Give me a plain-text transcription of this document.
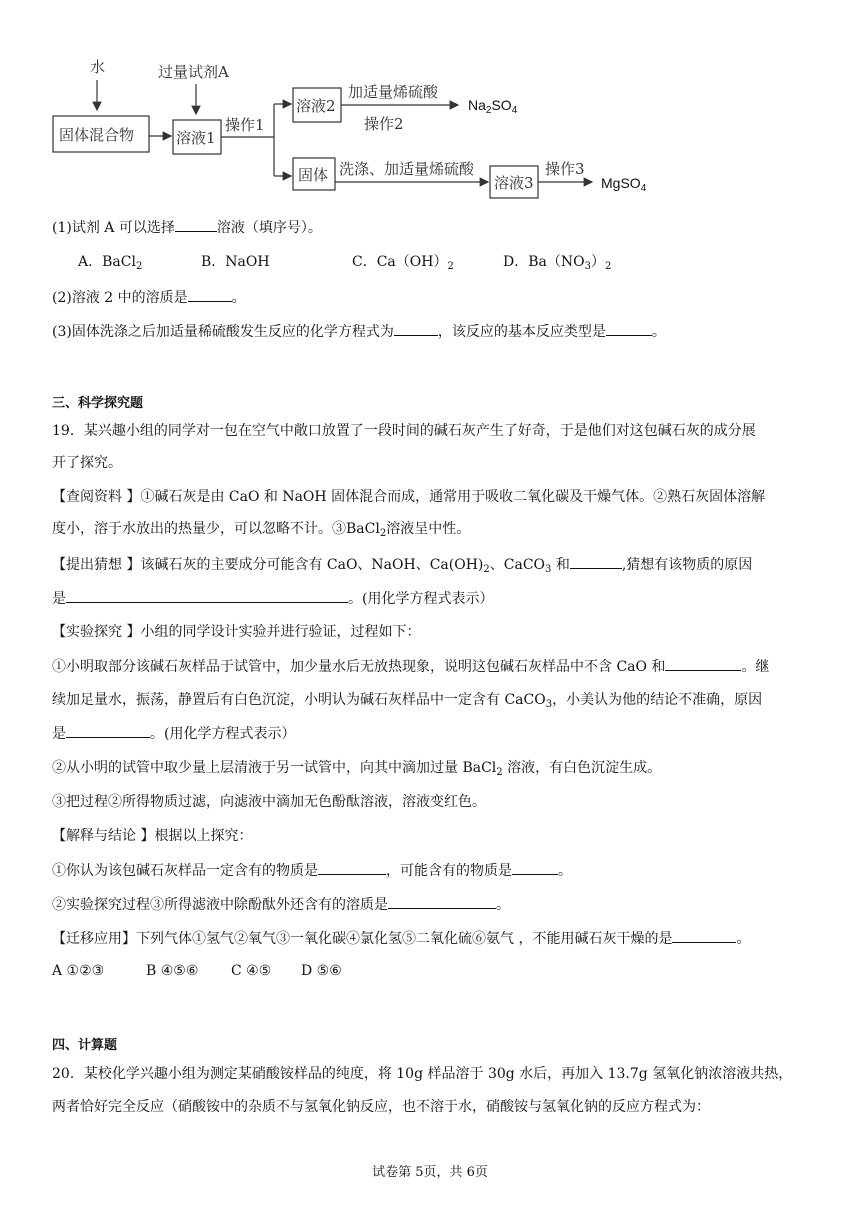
水	过量试剂A
固体混合物	溶液1
操作1
溶液2
加适量烯硫酸
操作2
固体 洗涤、加适量烯硫酸
溶液3
操作3
$Na_2SO_4$
MgSO$_4$
(1)试剂 A 可以选择	溶液（填序号）。
A．BaCl$_2$	B．NaOH	C．$Ca(OH)_2$	D．$Ba(NO_3)_2$
(2)溶液 2 中的溶质是	。
(3)固体洗涤之后加适量稀硫酸发生反应的化学方程式为	，该反应的基本反应类型是	。
三、科学探究题
19．某兴趣小组的同学对一包在空气中敞口放置了一段时间的碱石灰产生了好奇，于是他们对这包碱石灰的成分展
开了探究。
【查阅资料 】①碱石灰是由 CaO 和 NaOH 固体混合而成，通常用于吸收二氧化碳及干燥气体。②熟石灰固体溶解
度小，溶于水放出的热量少，可以忽略不计。③BaCl$_2$溶液呈中性。
【提出猜想 】该碱石灰的主要成分可能含有 CaO、NaOH、$Ca(OH)_2$、CaCO$_3$ 和	,猜想有该物质的原因
是	。(用化学方程式表示）
【实验探究 】小组的同学设计实验并进行验证，过程如下：
①小明取部分该碱石灰样品于试管中，加少量水后无放热现象，说明这包碱石灰样品中不含 CaO 和	。继
续加足量水，振荡，静置后有白色沉淀，小明认为碱石灰样品中一定含有 CaCO$_3$，小美认为他的结论不准确，原因
是	。(用化学方程式表示）
②从小明的试管中取少量上层清液于另一试管中，向其中滴加过量 BaCl$_2$ 溶液，有白色沉淀生成。
③把过程②所得物质过滤，向滤液中滴加无色酚酞溶液，溶液变红色。
【解释与结论 】根据以上探究：
①你认为该包碱石灰样品一定含有的物质是	，可能含有的物质是	。
②实验探究过程③所得滤液中除酚酞外还含有的溶质是	。
【迁移应用】下列气体①氢气②氧气③一氧化碳④氯化氢⑤二氧化硫⑥氨气 ，不能用碱石灰干燥的是	。
A ①②③	B ④⑤⑥ C ④⑤ D ⑤⑥
四、计算题
20．某校化学兴趣小组为测定某硝酸铵样品的纯度，将 10g 样品溶于 30g 水后，再加入 13.7g 氢氧化钠浓溶液共热，
两者恰好完全反应（硝酸铵中的杂质不与氢氧化钠反应，也不溶于水，硝酸铵与氢氧化钠的反应方程式为：
试卷第 5页，共 6页
